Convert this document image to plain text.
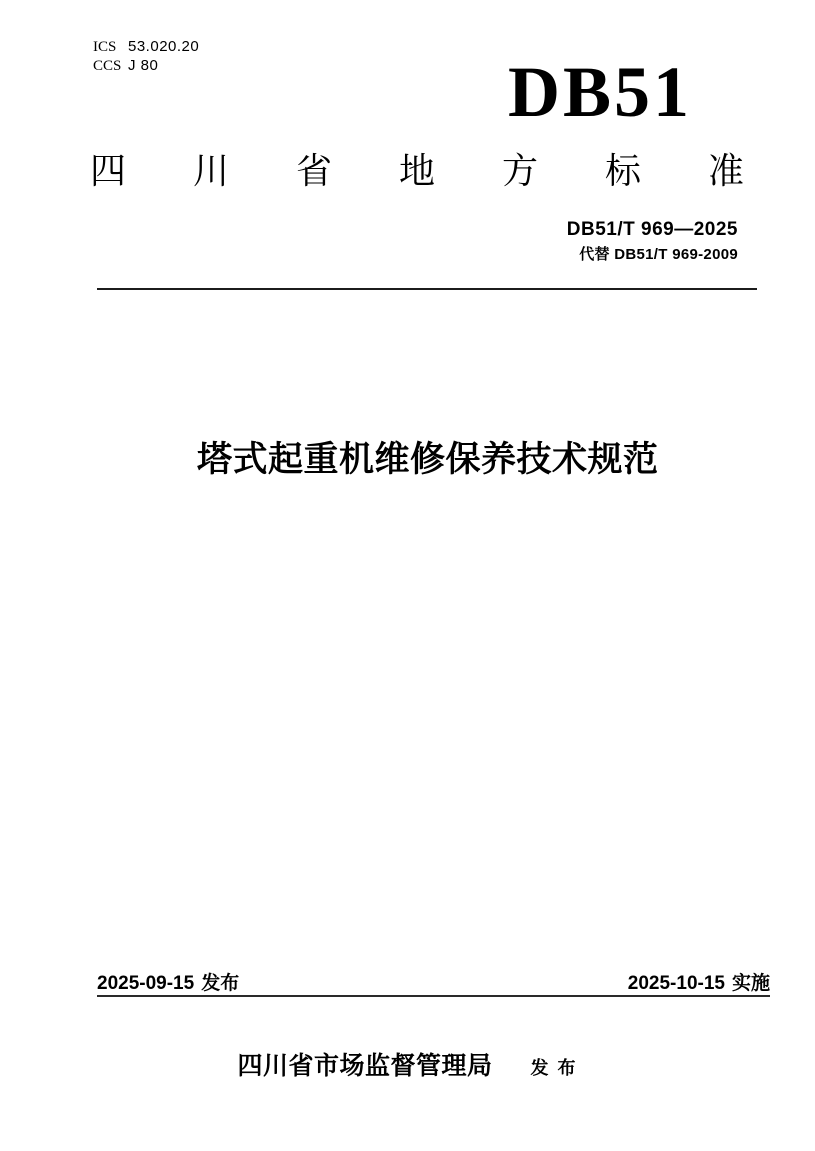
ICS 53.020.20
CCS J 80	DB51
四川省地方标准
DB51/T 969—2025
代替 DB51/T 969-2009
塔式起重机维修保养技术规范
2025-09-15 发布	2025-10-15 实施
四川省市场监督管理局 发 布
